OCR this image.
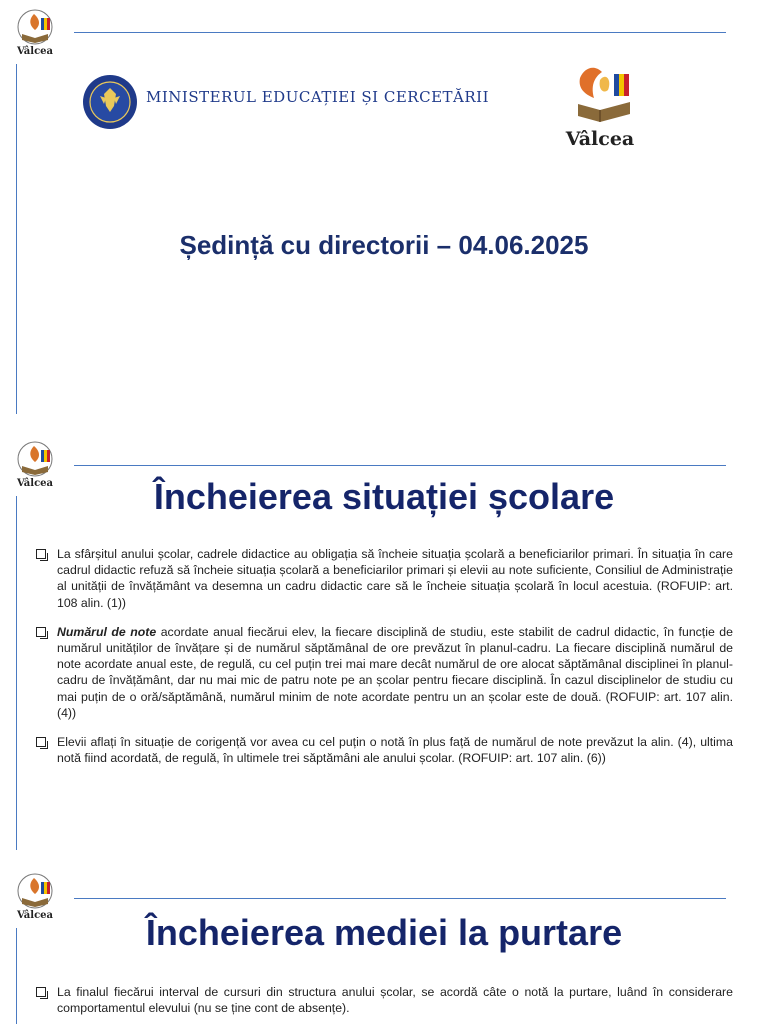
Vâlcea
MINISTERUL EDUCAȚIEI ȘI CERCETĂRII
Vâlcea
Ședință cu directorii – 04.06.2025
Vâlcea	Încheierea situației școlare
La sfârșitul anului școlar, cadrele didactice au obligația să încheie situația școlară a beneficiarilor primari. În situația în care cadrul didactic refuză să încheie situația școlară a beneficiarilor primari și elevii au note suficiente, Consiliul de Administrație al unității de învățământ va desemna un cadru didactic care să le încheie situația școlară în locul acestuia. (ROFUIP: art. 108 alin. (1))
Numărul de note acordate anual fiecărui elev, la fiecare disciplină de studiu, este stabilit de cadrul didactic, în funcție de numărul unităților de învățare și de numărul săptămânal de ore prevăzut în planul-cadru. La fiecare disciplină numărul de note acordate anual este, de regulă, cu cel puțin trei mai mare decât numărul de ore alocat săptămânal disciplinei în planul-cadru de învățământ, dar nu mai mic de patru note pe an școlar pentru fiecare disciplină. În cazul disciplinelor de studiu cu mai puțin de o oră/săptămână, numărul minim de note acordate pentru un an școlar este de două. (ROFUIP: art. 107 alin. (4))
Elevii aflați în situație de corigență vor avea cu cel puțin o notă în plus față de numărul de note prevăzut la alin. (4), ultima notă fiind acordată, de regulă, în ultimele trei săptămâni ale anului școlar. (ROFUIP: art. 107 alin. (6))
Vâlcea	Încheierea mediei la purtare
La finalul fiecărui interval de cursuri din structura anului școlar, se acordă câte o notă la purtare, luând în considerare comportamentul elevului (nu se ține cont de absențe).
